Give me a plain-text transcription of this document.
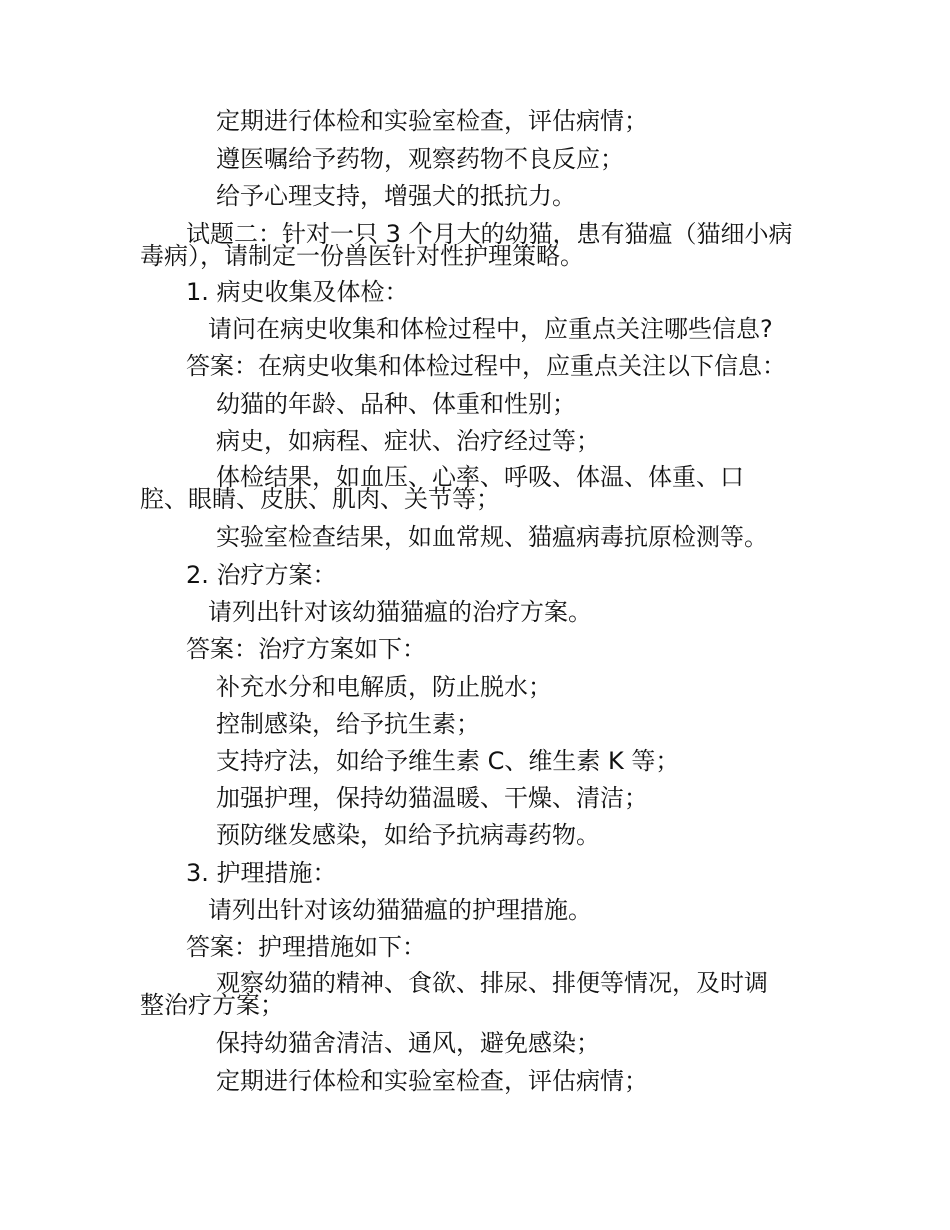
定期进行体检和实验室检查，评估病情；

遵医嘱给予药物，观察药物不良反应；

给予心理支持，增强犬的抵抗力。

试题二：针对一只 3 个月大的幼猫，患有猫瘟（猫细小病

毒病），请制定一份兽医针对性护理策略。

1. 病史收集及体检：

请问在病史收集和体检过程中，应重点关注哪些信息?

答案：在病史收集和体检过程中，应重点关注以下信息：

幼猫的年龄、品种、体重和性别；

病史，如病程、症状、治疗经过等；

体检结果，如血压、心率、呼吸、体温、体重、口

腔、眼睛、皮肤、肌肉、关节等；

实验室检查结果，如血常规、猫瘟病毒抗原检测等。

2. 治疗方案：

请列出针对该幼猫猫瘟的治疗方案。

答案：治疗方案如下：

补充水分和电解质，防止脱水；

控制感染，给予抗生素；

支持疗法，如给予维生素 C、维生素 K 等；

加强护理，保持幼猫温暖、干燥、清洁；

预防继发感染，如给予抗病毒药物。

3. 护理措施：

请列出针对该幼猫猫瘟的护理措施。

答案：护理措施如下：

观察幼猫的精神、食欲、排尿、排便等情况，及时调

整治疗方案；

保持幼猫舍清洁、通风，避免感染；

定期进行体检和实验室检查，评估病情；
